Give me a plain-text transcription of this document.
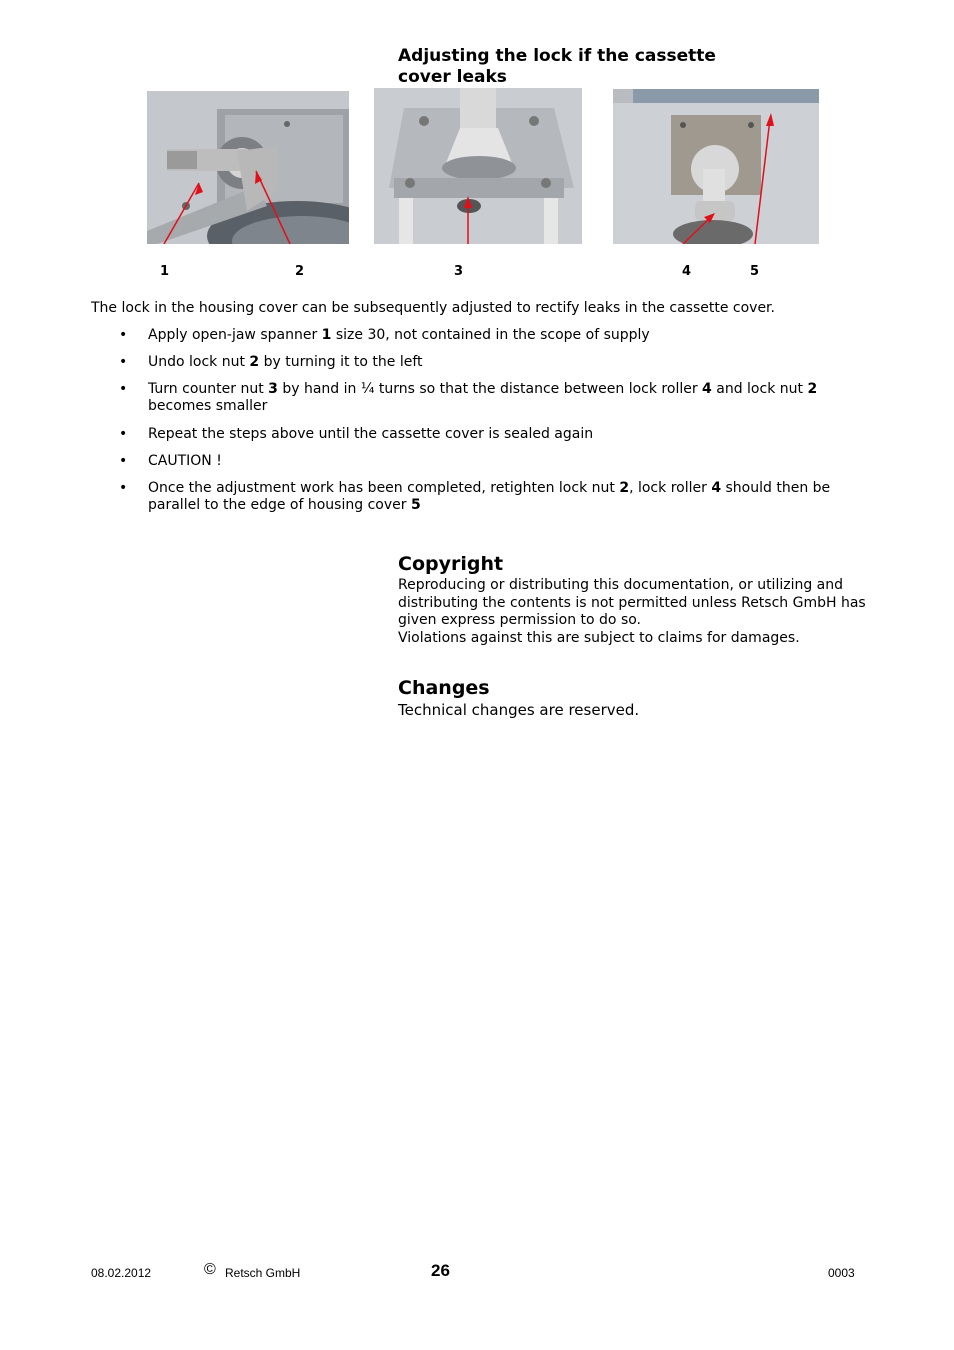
Adjusting the lock if the cassette cover leaks
1	2	3	4	5
The lock in the housing cover can be subsequently adjusted to rectify leaks in the cassette cover.
• Apply open-jaw spanner 1 size 30, not contained in the scope of supply
• Undo lock nut 2 by turning it to the left
• Turn counter nut 3 by hand in ¼ turns so that the distance between lock roller 4 and lock nut 2 becomes smaller
• Repeat the steps above until the cassette cover is sealed again
• CAUTION !
• Once the adjustment work has been completed, retighten lock nut 2, lock roller 4 should then be parallel to the edge of housing cover 5
Copyright
Reproducing or distributing this documentation, or utilizing and distributing the contents is not permitted unless Retsch GmbH has given express permission to do so.
Violations against this are subject to claims for damages.
Changes
Technical changes are reserved.
08.02.2012	© Retsch GmbH	26	0003
